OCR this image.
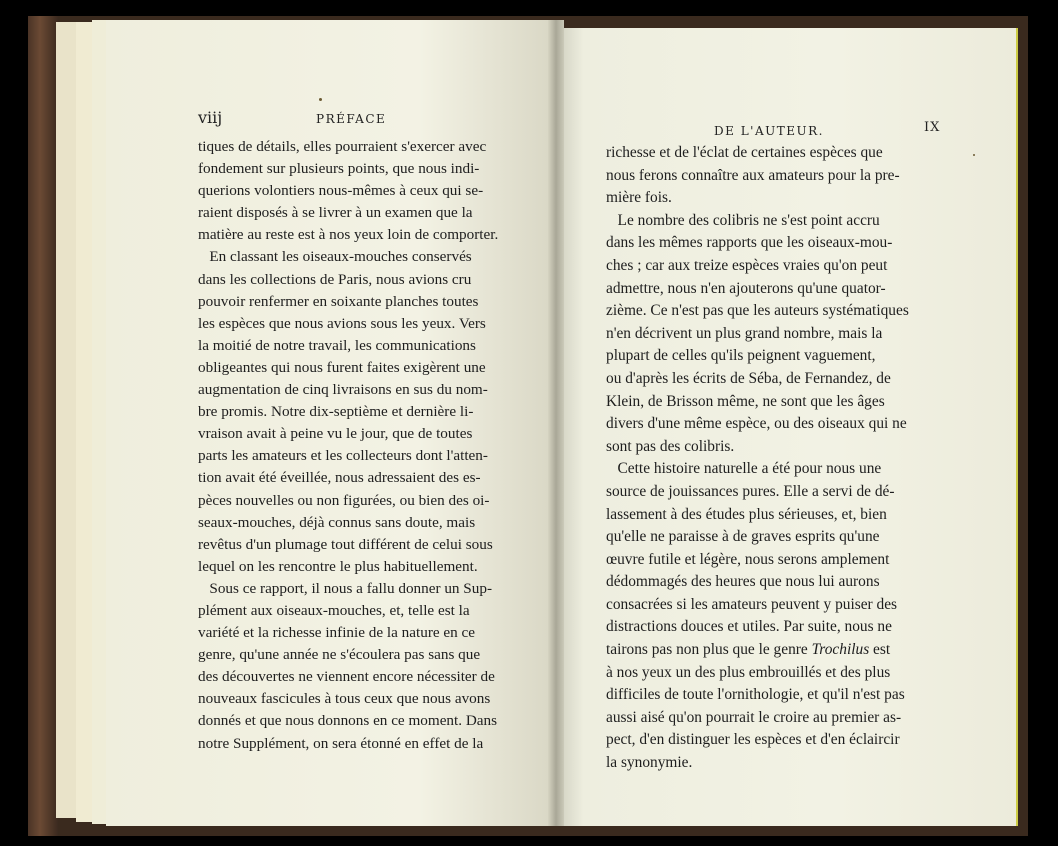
viij	PRÉFACE
tiques de détails, elles pourraient s'exercer avec
fondement sur plusieurs points, que nous indi-
querions volontiers nous-mêmes à ceux qui se-
raient disposés à se livrer à un examen que la
matière au reste est à nos yeux loin de comporter.
En classant les oiseaux-mouches conservés
dans les collections de Paris, nous avions cru
pouvoir renfermer en soixante planches toutes
les espèces que nous avions sous les yeux. Vers
la moitié de notre travail, les communications
obligeantes qui nous furent faites exigèrent une
augmentation de cinq livraisons en sus du nom-
bre promis. Notre dix-septième et dernière li-
vraison avait à peine vu le jour, que de toutes
parts les amateurs et les collecteurs dont l'atten-
tion avait été éveillée, nous adressaient des es-
pèces nouvelles ou non figurées, ou bien des oi-
seaux-mouches, déjà connus sans doute, mais
revêtus d'un plumage tout différent de celui sous
lequel on les rencontre le plus habituellement.
Sous ce rapport, il nous a fallu donner un Sup-
plément aux oiseaux-mouches, et, telle est la
variété et la richesse infinie de la nature en ce
genre, qu'une année ne s'écoulera pas sans que
des découvertes ne viennent encore nécessiter de
nouveaux fascicules à tous ceux que nous avons
donnés et que nous donnons en ce moment. Dans
notre Supplément, on sera étonné en effet de la
DE L'AUTEUR.	IX
richesse et de l'éclat de certaines espèces que
nous ferons connaître aux amateurs pour la pre-
mière fois.
Le nombre des colibris ne s'est point accru
dans les mêmes rapports que les oiseaux-mou-
ches ; car aux treize espèces vraies qu'on peut
admettre, nous n'en ajouterons qu'une quator-
zième. Ce n'est pas que les auteurs systématiques
n'en décrivent un plus grand nombre, mais la
plupart de celles qu'ils peignent vaguement,
ou d'après les écrits de Séba, de Fernandez, de
Klein, de Brisson même, ne sont que les âges
divers d'une même espèce, ou des oiseaux qui ne
sont pas des colibris.
Cette histoire naturelle a été pour nous une
source de jouissances pures. Elle a servi de dé-
lassement à des études plus sérieuses, et, bien
qu'elle ne paraisse à de graves esprits qu'une
œuvre futile et légère, nous serons amplement
dédommagés des heures que nous lui aurons
consacrées si les amateurs peuvent y puiser des
distractions douces et utiles. Par suite, nous ne
tairons pas non plus que le genre Trochilus est
à nos yeux un des plus embrouillés et des plus
difficiles de toute l'ornithologie, et qu'il n'est pas
aussi aisé qu'on pourrait le croire au premier as-
pect, d'en distinguer les espèces et d'en éclaircir
la synonymie.
